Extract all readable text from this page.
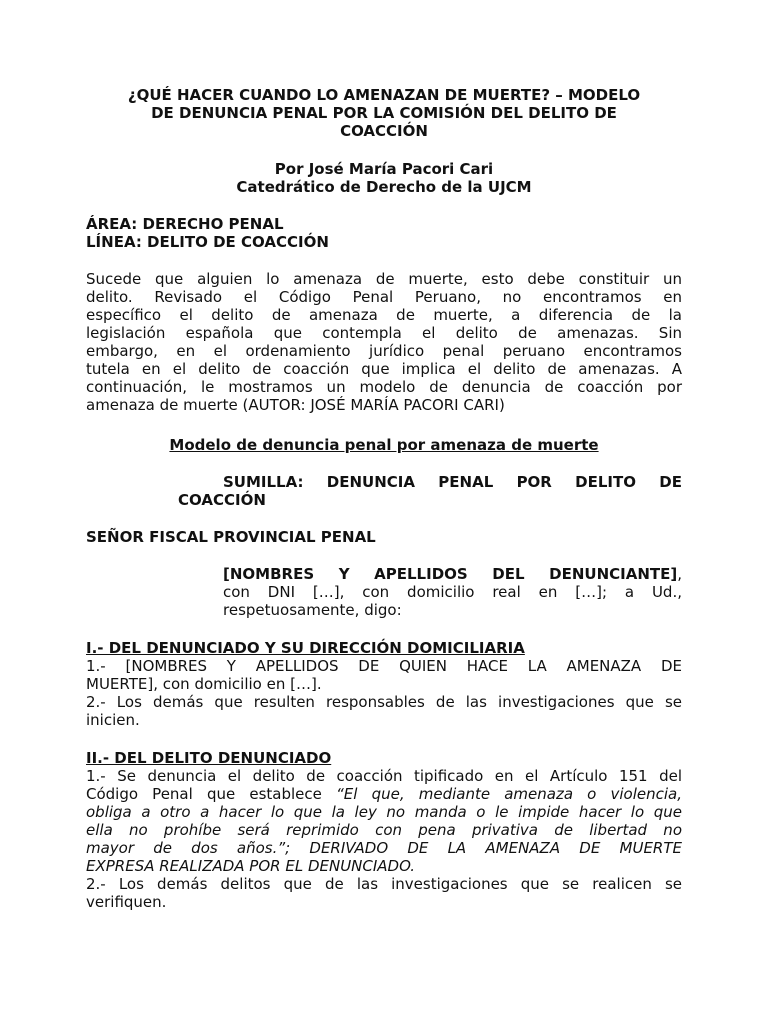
¿QUÉ HACER CUANDO LO AMENAZAN DE MUERTE? – MODELO
DE DENUNCIA PENAL POR LA COMISIÓN DEL DELITO DE
COACCIÓN
Por José María Pacori Cari
Catedrático de Derecho de la UJCM
ÁREA: DERECHO PENAL
LÍNEA: DELITO DE COACCIÓN
Sucede que alguien lo amenaza de muerte, esto debe constituir un
delito. Revisado el Código Penal Peruano, no encontramos en
específico el delito de amenaza de muerte, a diferencia de la
legislación española que contempla el delito de amenazas. Sin
embargo, en el ordenamiento jurídico penal peruano encontramos
tutela en el delito de coacción que implica el delito de amenazas. A
continuación, le mostramos un modelo de denuncia de coacción por
amenaza de muerte (AUTOR: JOSÉ MARÍA PACORI CARI)
Modelo de denuncia penal por amenaza de muerte
SUMILLA: DENUNCIA PENAL POR DELITO DE
COACCIÓN
SEÑOR FISCAL PROVINCIAL PENAL
[NOMBRES Y APELLIDOS DEL DENUNCIANTE],
con DNI […], con domicilio real en […]; a Ud.,
respetuosamente, digo:
I.- DEL DENUNCIADO Y SU DIRECCIÓN DOMICILIARIA
1.- [NOMBRES Y APELLIDOS DE QUIEN HACE LA AMENAZA DE
MUERTE], con domicilio en […].
2.- Los demás que resulten responsables de las investigaciones que se
inicien.
II.- DEL DELITO DENUNCIADO
1.- Se denuncia el delito de coacción tipificado en el Artículo 151 del
Código Penal que establece “El que, mediante amenaza o violencia,
obliga a otro a hacer lo que la ley no manda o le impide hacer lo que
ella no prohíbe será reprimido con pena privativa de libertad no
mayor de dos años.”; DERIVADO DE LA AMENAZA DE MUERTE
EXPRESA REALIZADA POR EL DENUNCIADO.
2.- Los demás delitos que de las investigaciones que se realicen se
verifiquen.
